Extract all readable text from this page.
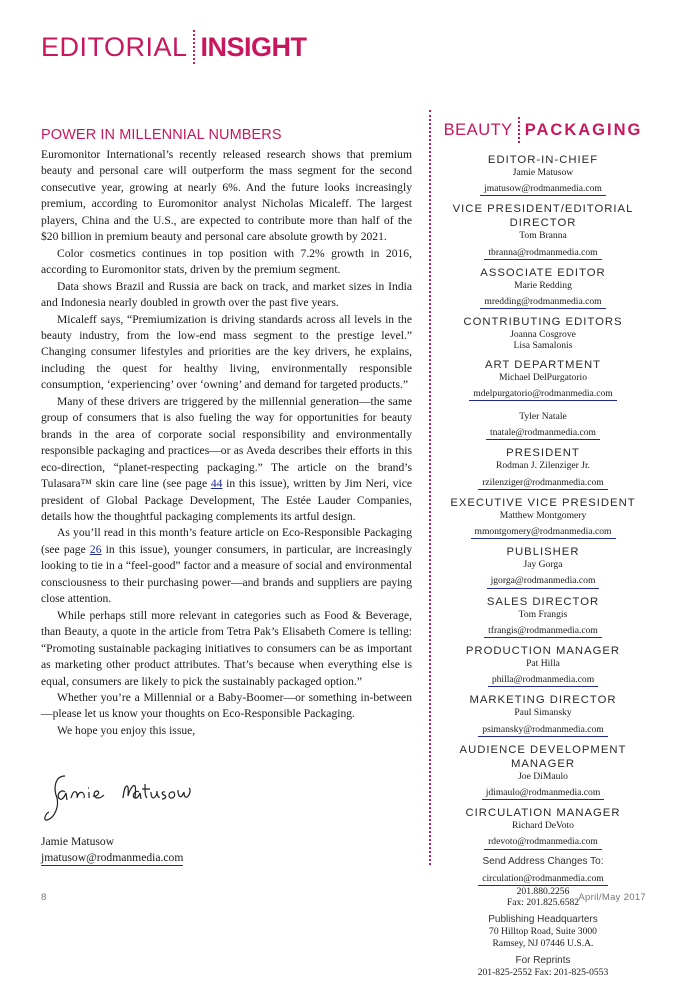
EDITORIAL INSIGHT
POWER IN MILLENNIAL NUMBERS

Euromonitor International’s recently released research shows that premium beauty and personal care will outperform the mass segment for the second consecutive year, growing at nearly 6%. And the future looks increasingly premium, according to Euromonitor analyst Nicholas Micaleff. The largest players, China and the U.S., are expected to contribute more than half of the $20 billion in premium beauty and personal care absolute growth by 2021.

Color cosmetics continues in top position with 7.2% growth in 2016, according to Euromonitor stats, driven by the premium segment.

Data shows Brazil and Russia are back on track, and market sizes in India and Indonesia nearly doubled in growth over the past five years.

Micaleff says, “Premiumization is driving standards across all levels in the beauty industry, from the low-end mass segment to the prestige level.” Changing consumer lifestyles and priorities are the key drivers, he explains, including the quest for healthy living, environmentally responsible consumption, ‘experiencing’ over ‘owning’ and demand for targeted products.”

Many of these drivers are triggered by the millennial generation—the same group of consumers that is also fueling the way for opportunities for beauty brands in the area of corporate social responsibility and environmentally responsible packaging and practices—or as Aveda describes their efforts in this eco-direction, “planet-respecting packaging.” The article on the brand’s Tulasara™ skin care line (see page 44 in this issue), written by Jim Neri, vice president of Global Package Development, The Estée Lauder Companies, details how the thoughtful packaging complements its artful design.

As you’ll read in this month’s feature article on Eco-Responsible Packaging (see page 26 in this issue), younger consumers, in particular, are increasingly looking to tie in a “feel-good” factor and a measure of social and environmental consciousness to their purchasing power—and brands and suppliers are paying close attention.

While perhaps still more relevant in categories such as Food & Beverage, than Beauty, a quote in the article from Tetra Pak’s Elisabeth Comere is telling: “Promoting sustainable packaging initiatives to consumers can be as important as marketing other product attributes. That’s because when everything else is equal, consumers are likely to pick the sustainably packaged option.”

Whether you’re a Millennial or a Baby-Boomer—or something in-between—please let us know your thoughts on Eco-Responsible Packaging.

We hope you enjoy this issue,

Jamie Matusow
jmatusow@rodmanmedia.com
BEAUTY PACKAGING
EDITOR-IN-CHIEF
Jamie Matusow
jmatusow@rodmanmedia.com
VICE PRESIDENT/EDITORIAL DIRECTOR
Tom Branna
tbranna@rodmanmedia.com
ASSOCIATE EDITOR
Marie Redding
mredding@rodmanmedia.com
CONTRIBUTING EDITORS
Joanna Cosgrove
Lisa Samalonis
ART DEPARTMENT
Michael DelPurgatorio
mdelpurgatorio@rodmanmedia.com
Tyler Natale
tnatale@rodmanmedia.com
PRESIDENT
Rodman J. Zilenziger Jr.
rzilenziger@rodmanmedia.com
EXECUTIVE VICE PRESIDENT
Matthew Montgomery
mmontgomery@rodmanmedia.com
PUBLISHER
Jay Gorga
jgorga@rodmanmedia.com
SALES DIRECTOR
Tom Frangis
tfrangis@rodmanmedia.com
PRODUCTION MANAGER
Pat Hilla
philla@rodmanmedia.com
MARKETING DIRECTOR
Paul Simansky
psimansky@rodmanmedia.com
AUDIENCE DEVELOPMENT MANAGER
Joe DiMaulo
jdimaulo@rodmanmedia.com
CIRCULATION MANAGER
Richard DeVoto
rdevoto@rodmanmedia.com
Send Address Changes To:
circulation@rodmanmedia.com
201.880.2256
Fax: 201.825.6582
Publishing Headquarters
70 Hilltop Road, Suite 3000
Ramsey, NJ 07446 U.S.A.
For Reprints
201-825-2552 Fax: 201-825-0553
8	April/May 2017
